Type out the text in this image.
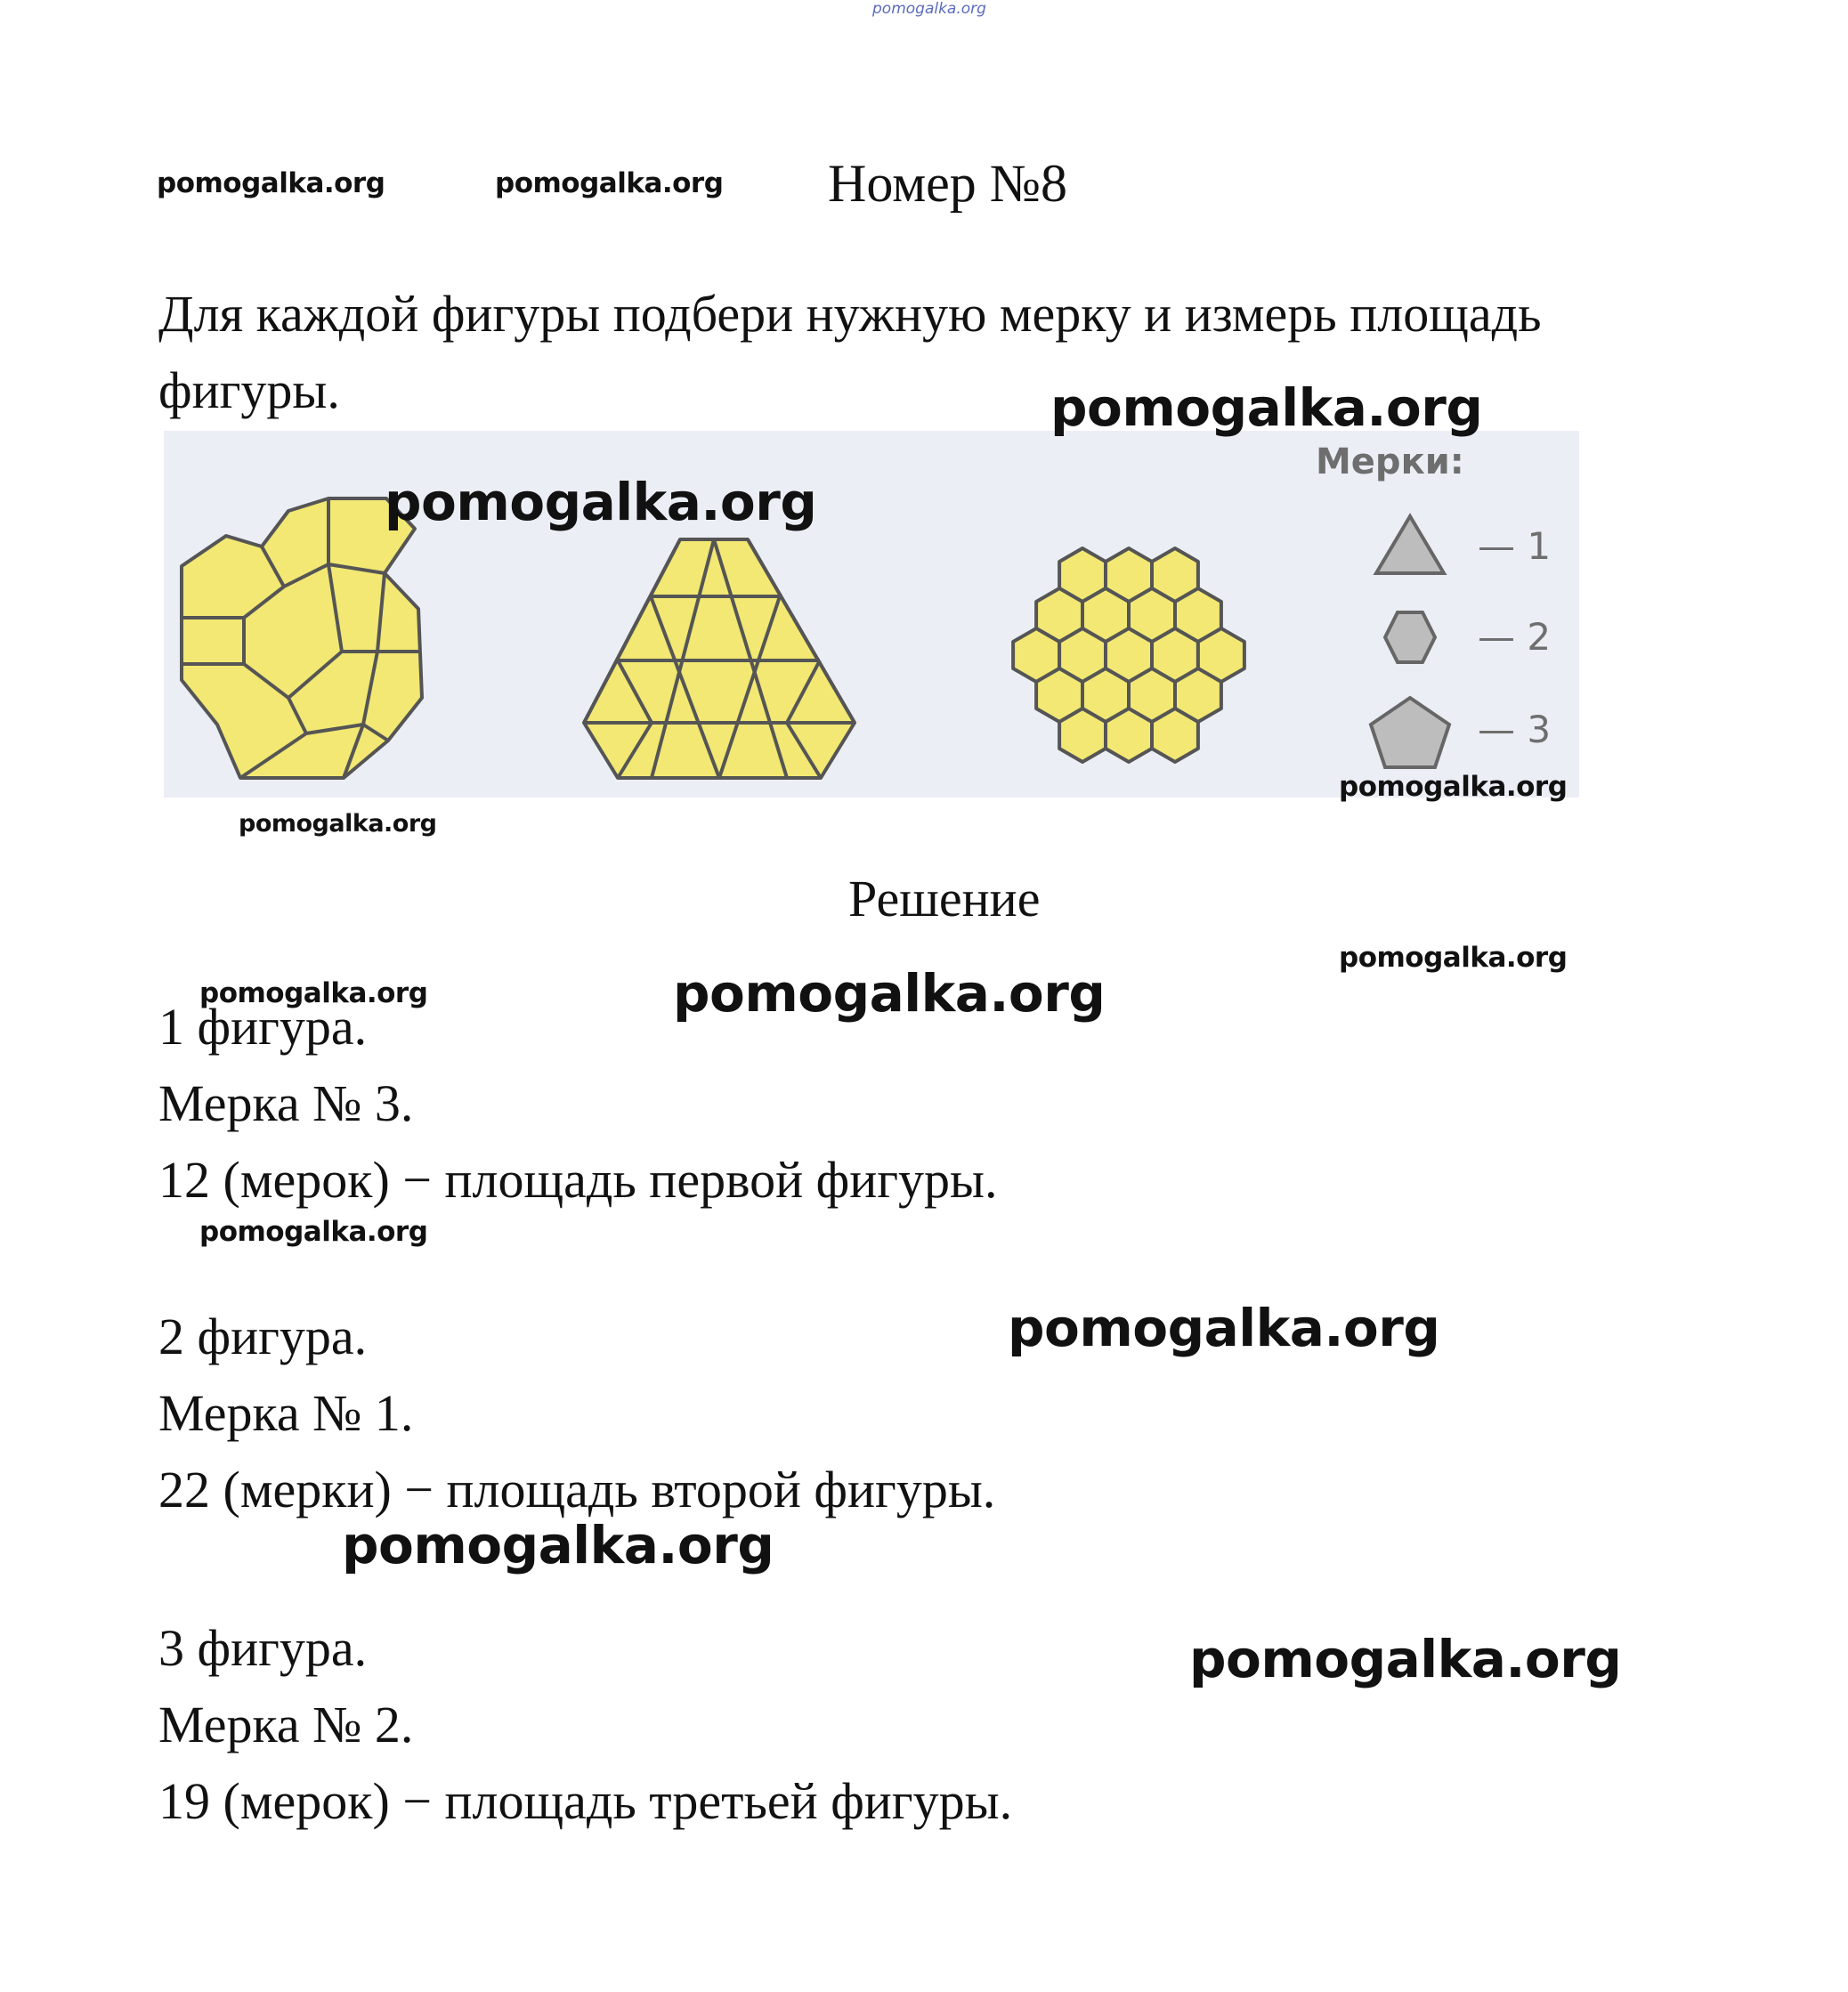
pomogalka.org
pomogalka.org	pomogalka.org Номер №8
Для каждой фигуры подбери нужную мерку и измерь площадь фигуры.
Мерки:
— 1
— 2
— 3
pomogalka.org
pomogalka.org
pomogalka.org
pomogalka.org
Решение
pomogalka.org
pomogalka.org	pomogalka.org
1 фигура.
Мерка № 3.
12 (мерок) − площадь первой фигуры.
pomogalka.org
pomogalka.org
2 фигура.
Мерка № 1.
22 (мерки) − площадь второй фигуры.
pomogalka.org
3 фигура.	pomogalka.org
Мерка № 2.
19 (мерок) − площадь третьей фигуры.
